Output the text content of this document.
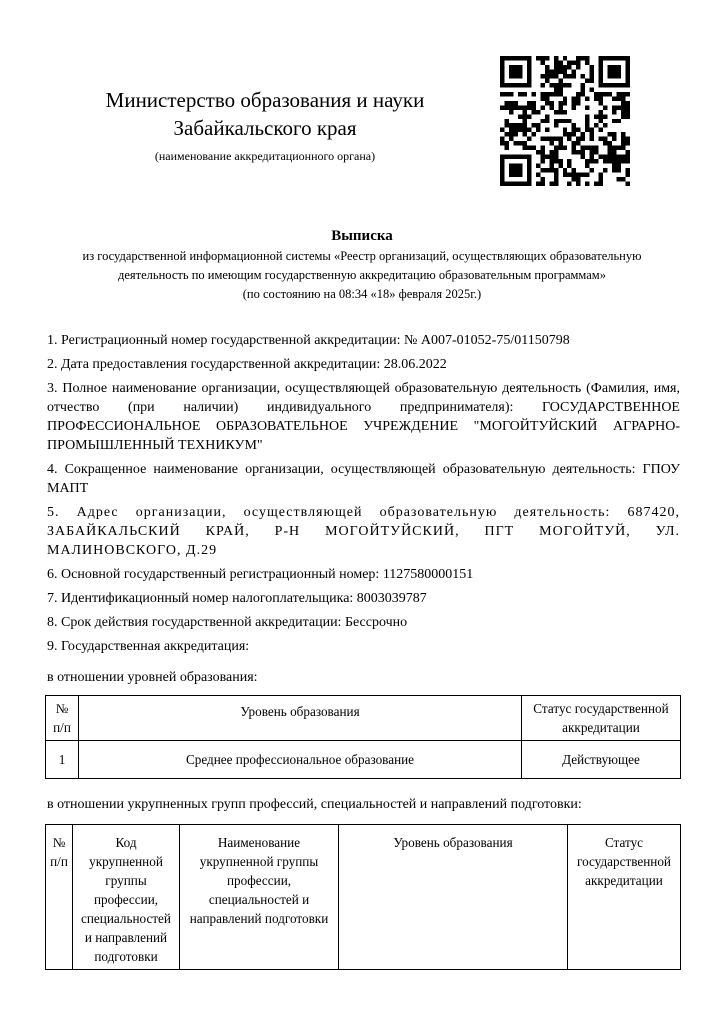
Министерство образования и науки
Забайкальского края
(наименование аккредитационного органа)
Выписка
из государственной информационной системы «Реестр организаций, осуществляющих образовательную
деятельность по имеющим государственную аккредитацию образовательным программам»
(по состоянию на 08:34 «18» февраля 2025г.)
1. Регистрационный номер государственной аккредитации: № А007-01052-75/01150798
2. Дата предоставления государственной аккредитации: 28.06.2022
3. Полное наименование организации, осуществляющей образовательную деятельность (Фамилия, имя, отчество (при наличии) индивидуального предпринимателя): ГОСУДАРСТВЕННОЕ ПРОФЕССИОНАЛЬНОЕ ОБРАЗОВАТЕЛЬНОЕ УЧРЕЖДЕНИЕ "МОГОЙТУЙСКИЙ АГРАРНО-ПРОМЫШЛЕННЫЙ ТЕХНИКУМ"
4. Сокращенное наименование организации, осуществляющей образовательную деятельность: ГПОУ МАПТ
5. Адрес организации, осуществляющей образовательную деятельность: 687420, ЗАБАЙКАЛЬСКИЙ КРАЙ, Р-Н МОГОЙТУЙСКИЙ, ПГТ МОГОЙТУЙ, УЛ. МАЛИНОВСКОГО, Д.29
6. Основной государственный регистрационный номер: 1127580000151
7. Идентификационный номер налогоплательщика: 8003039787
8. Срок действия государственной аккредитации: Бессрочно
9. Государственная аккредитация:
в отношении уровней образования:
№ п/п	Уровень образования	Статус государственной аккредитации
1	Среднее профессиональное образование	Действующее
в отношении укрупненных групп профессий, специальностей и направлений подготовки:
№ п/п	Код укрупненной группы профессии, специальностей и направлений подготовки	Наименование укрупненной группы профессии, специальностей и направлений подготовки	Уровень образования	Статус государственной аккредитации
